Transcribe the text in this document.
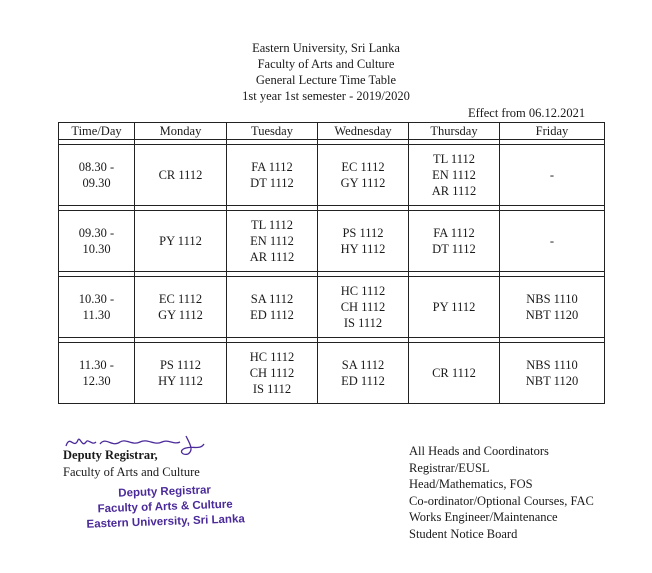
Eastern University, Sri Lanka
Faculty of Arts and Culture
General Lecture Time Table
1st year 1st semester - 2019/2020
Effect from 06.12.2021
Time/Day	Monday	Tuesday	Wednesday	Thursday	Friday

08.30 -
09.30	CR 1112	FA 1112
DT 1112	EC 1112
GY 1112	TL 1112
EN 1112
AR 1112	-

09.30 -
10.30	PY 1112	TL 1112
EN 1112
AR 1112	PS 1112
HY 1112	FA 1112
DT 1112	-

10.30 -
11.30	EC 1112
GY 1112	SA 1112
ED 1112	HC 1112
CH 1112
IS 1112	PY 1112	NBS 1110
NBT 1120

11.30 -
12.30	PS 1112
HY 1112	HC 1112
CH 1112
IS 1112	SA 1112
ED 1112	CR 1112	NBS 1110
NBT 1120
Deputy Registrar,
Faculty of Arts and Culture
Deputy Registrar
Faculty of Arts & Culture
Eastern University, Sri Lanka
All Heads and Coordinators
Registrar/EUSL
Head/Mathematics, FOS
Co-ordinator/Optional Courses, FAC
Works Engineer/Maintenance
Student Notice Board
